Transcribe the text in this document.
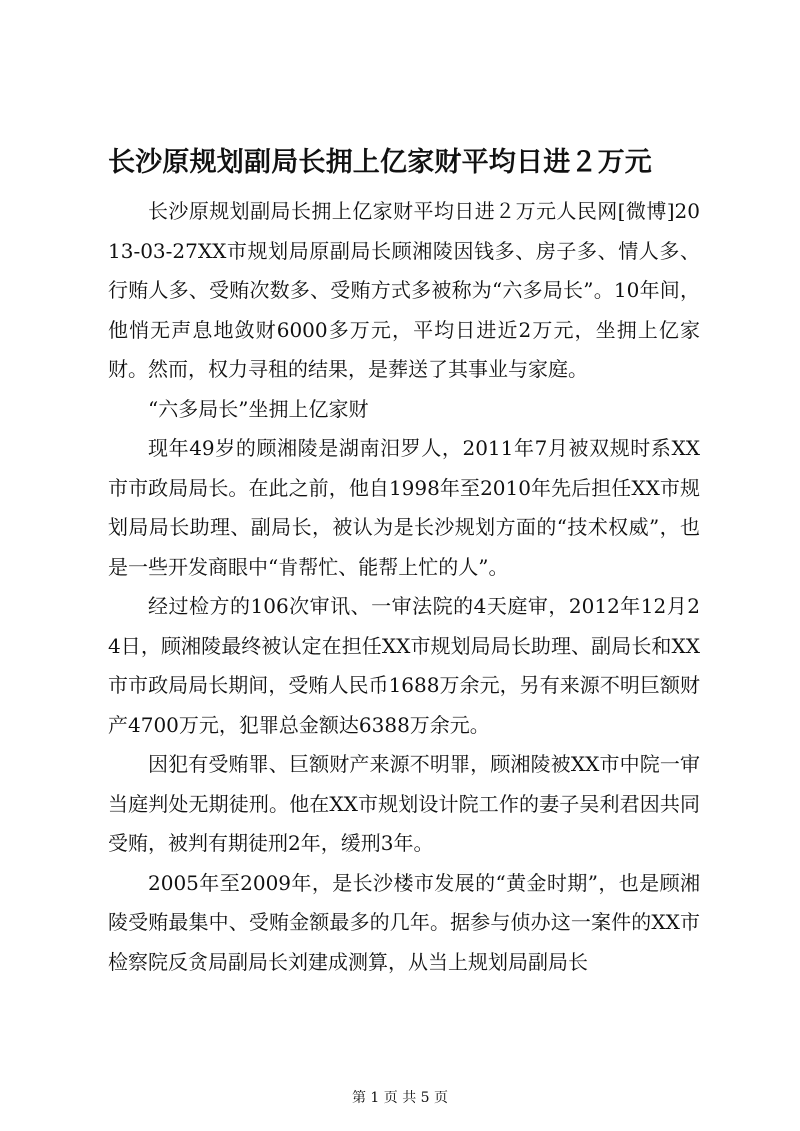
长沙原规划副局长拥上亿家财平均日进２万元

长沙原规划副局长拥上亿家财平均日进２万元人民网[微博]2013-03-27XX市规划局原副局长顾湘陵因钱多、房子多、情人多、行贿人多、受贿次数多、受贿方式多被称为“六多局长”。10年间，他悄无声息地敛财6000多万元，平均日进近2万元，坐拥上亿家财。然而，权力寻租的结果，是葬送了其事业与家庭。

“六多局长”坐拥上亿家财

现年49岁的顾湘陵是湖南汨罗人，2011年7月被双规时系XX市市政局局长。在此之前，他自1998年至2010年先后担任XX市规划局局长助理、副局长，被认为是长沙规划方面的“技术权威”，也是一些开发商眼中“肯帮忙、能帮上忙的人”。

经过检方的106次审讯、一审法院的4天庭审，2012年12月24日，顾湘陵最终被认定在担任XX市规划局局长助理、副局长和XX市市政局局长期间，受贿人民币1688万余元，另有来源不明巨额财产4700万元，犯罪总金额达6388万余元。

因犯有受贿罪、巨额财产来源不明罪，顾湘陵被XX市中院一审当庭判处无期徒刑。他在XX市规划设计院工作的妻子吴利君因共同受贿，被判有期徒刑2年，缓刑3年。

2005年至2009年，是长沙楼市发展的“黄金时期”，也是顾湘陵受贿最集中、受贿金额最多的几年。据参与侦办这一案件的XX市检察院反贪局副局长刘建成测算，从当上规划局副局长

第 1 页 共 5 页
